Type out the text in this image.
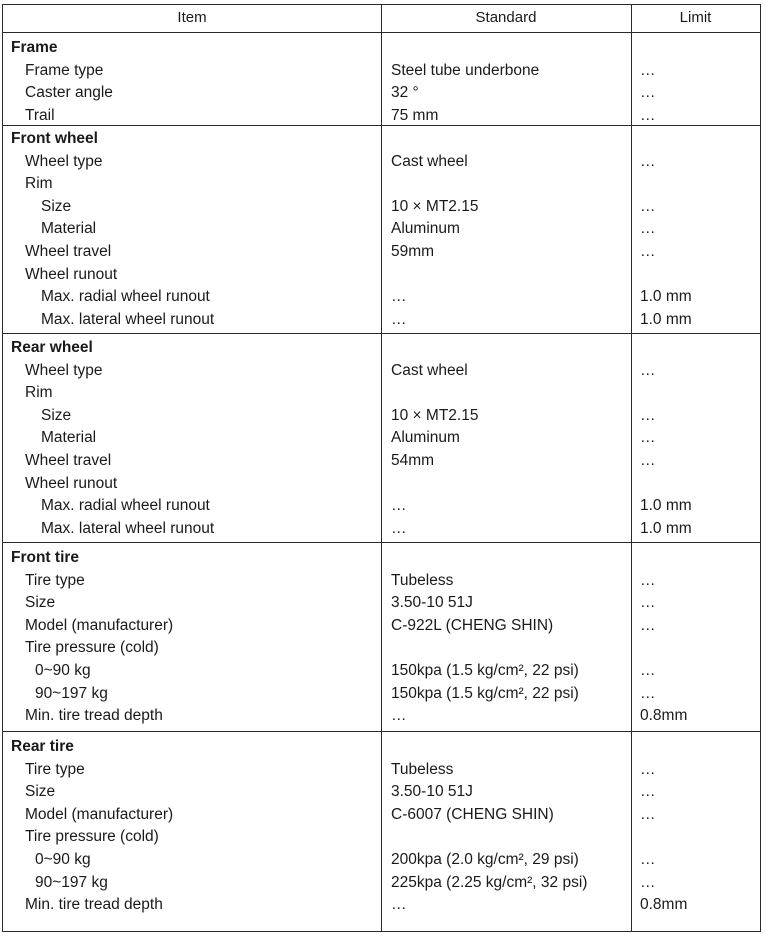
Item	Standard	Limit
Frame
Frame type	Steel tube underbone	…
Caster angle	32 °	…
Trail	75 mm	…
Front wheel
Wheel type	Cast wheel	…
Rim
Size	10 × MT2.15	…
Material	Aluminum	…
Wheel travel	59mm	…
Wheel runout
Max. radial wheel runout	…	1.0 mm
Max. lateral wheel runout	…	1.0 mm
Rear wheel
Wheel type	Cast wheel	…
Rim
Size	10 × MT2.15	…
Material	Aluminum	…
Wheel travel	54mm	…
Wheel runout
Max. radial wheel runout	…	1.0 mm
Max. lateral wheel runout	…	1.0 mm
Front tire
Tire type	Tubeless	…
Size	3.50-10 51J	…
Model (manufacturer)	C-922L (CHENG SHIN)	…
Tire pressure (cold)
0~90 kg	150kpa (1.5 kg/cm², 22 psi)	…
90~197 kg	150kpa (1.5 kg/cm², 22 psi)	…
Min. tire tread depth	…	0.8mm
Rear tire
Tire type	Tubeless	…
Size	3.50-10 51J	…
Model (manufacturer)	C-6007 (CHENG SHIN)	…
Tire pressure (cold)
0~90 kg	200kpa (2.0 kg/cm², 29 psi)	…
90~197 kg	225kpa (2.25 kg/cm², 32 psi)	…
Min. tire tread depth	…	0.8mm
